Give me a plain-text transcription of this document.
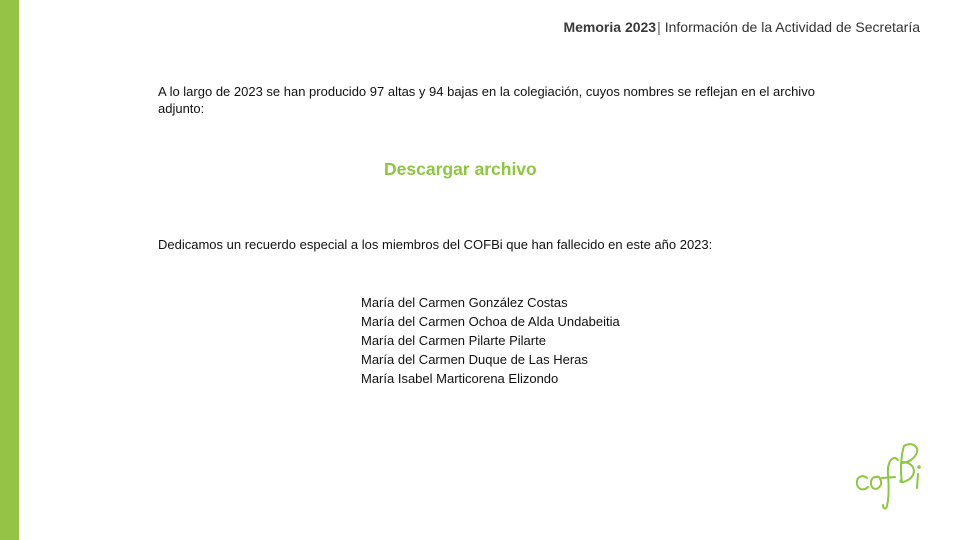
Memoria 2023| Información de la Actividad de Secretaría
A lo largo de 2023 se han producido 97 altas y 94 bajas en la colegiación, cuyos nombres se reflejan en el archivo adjunto:
Descargar archivo
Dedicamos un recuerdo especial a los miembros del COFBi que han fallecido en este año 2023:
María del Carmen González Costas
María del Carmen Ochoa de Alda Undabeitia
María del Carmen Pilarte Pilarte
María del Carmen Duque de Las Heras
María Isabel Marticorena Elizondo
